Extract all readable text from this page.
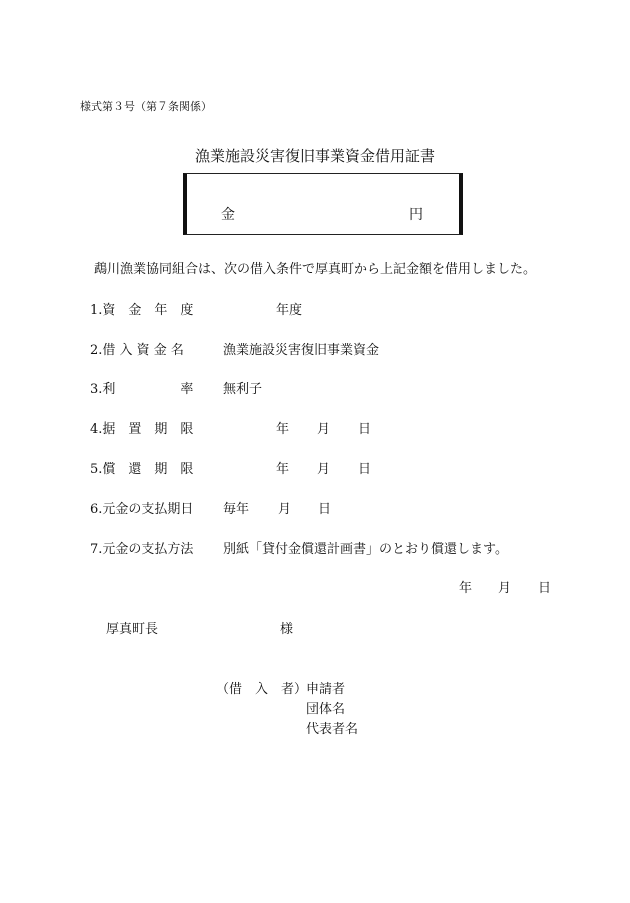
様式第３号（第７条関係）
漁業施設災害復旧事業資金借用証書
金	円
鵡川漁業協同組合は、次の借入条件で厚真町から上記金額を借用しました。
1.資　金　年　度	年度
2.借 入 資 金 名	漁業施設災害復旧事業資金
3.利　　　　　率 無利子
4.据　置　期　限	年 月 日
5.償　還　期　限	年 月 日
6.元金の支払期日 毎年 月 日
7.元金の支払方法 別紙「貸付金償還計画書」のとおり償還します。
年 月 日
厚真町長	様
（借　入　者）
申請者
団体名
代表者名
